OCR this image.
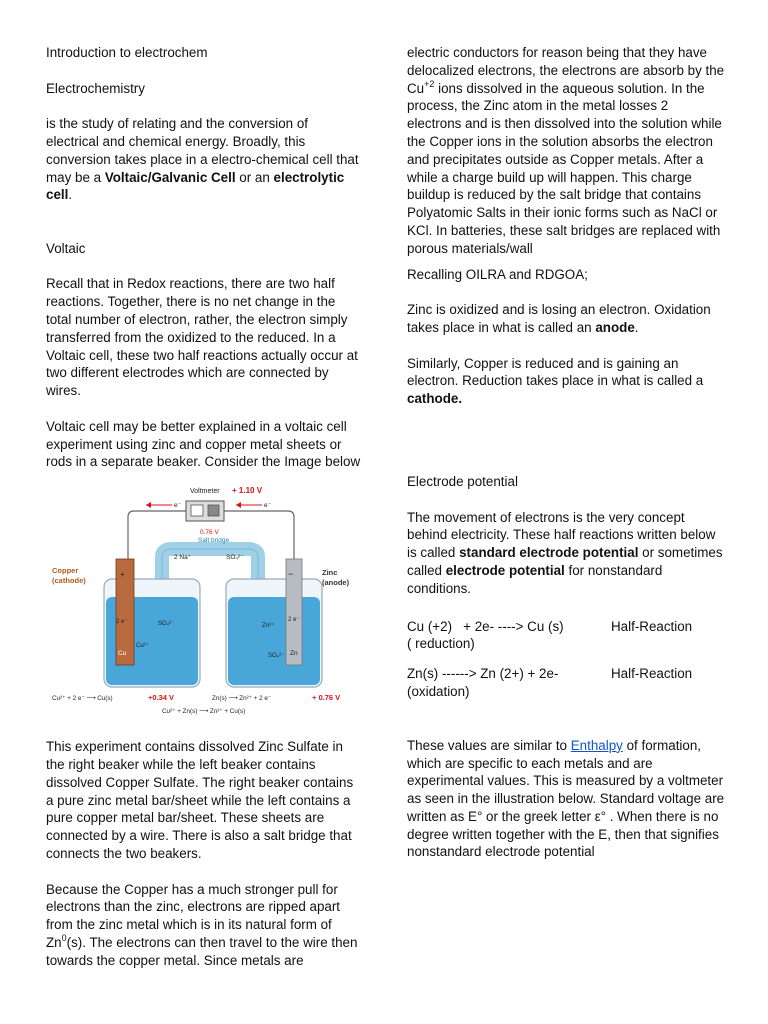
Introduction to electrochem

Electrochemistry

is the study of relating and the conversion of electrical and chemical energy. Broadly, this conversion takes place in a electro-chemical cell that may be a Voltaic/Galvanic Cell or an electrolytic cell.

Voltaic

Recall that in Redox reactions, there are two half reactions. Together, there is no net change in the total number of electron, rather, the electron simply transferred from the oxidized to the reduced. In a Voltaic cell, these two half reactions actually occur at two different electrodes which are connected by wires.

Voltaic cell may be better explained in a voltaic cell experiment using zinc and copper metal sheets or rods in a separate beaker. Consider the Image below

Voltmeter + 1.10 V
0.76 V
e⁻	e⁻
Salt bridge
2 Na⁺	SO₄²⁻
+
Cu
2 e⁻
Cu²⁺
SO₄²⁻
−
Zn
Zn²⁺
2 e⁻
SO₄²⁻
Copper
(cathode)
Zinc
(anode)
Cu²⁺ + 2 e⁻ ⟶ Cu(s)	+0.34 V	Zn(s) ⟶ Zn²⁺ + 2 e⁻	+ 0.76 V
Cu²⁺ + Zn(s) ⟶ Zn²⁺ + Cu(s)

This experiment contains dissolved Zinc Sulfate in the right beaker while the left beaker contains dissolved Copper Sulfate. The right beaker contains a pure zinc metal bar/sheet while the left contains a pure copper metal bar/sheet. These sheets are connected by a wire. There is also a salt bridge that connects the two beakers.

Because the Copper has a much stronger pull for electrons than the zinc, electrons are ripped apart from the zinc metal which is in its natural form of Zn$^0$(s). The electrons can then travel to the wire then towards the copper metal. Since metals are

electric conductors for reason being that they have delocalized electrons, the electrons are absorb by the $Cu^{+2}$ ions dissolved in the aqueous solution. In the process, the Zinc atom in the metal losses 2 electrons and is then dissolved into the solution while the Copper ions in the solution absorbs the electron and precipitates outside as Copper metals. After a while a charge build up will happen. This charge buildup is reduced by the salt bridge that contains Polyatomic Salts in their ionic forms such as NaCl or KCl. In batteries, these salt bridges are replaced with porous materials/wall

Recalling OILRA and RDGOA;

Zinc is oxidized and is losing an electron. Oxidation takes place in what is called an anode.

Similarly, Copper is reduced and is gaining an electron. Reduction takes place in what is called a cathode.

Electrode potential

The movement of electrons is the very concept behind electricity. These half reactions written below is called standard electrode potential or sometimes called electrode potential for nonstandard conditions.

Cu (+2)   + 2e- ----> Cu (s)	Half-Reaction

( reduction)

Zn(s) ------> Zn (2+) + 2e-	Half-Reaction

(oxidation)

These values are similar to Enthalpy of formation, which are specific to each metals and are experimental values. This is measured by a voltmeter as seen in the illustration below. Standard voltage are written as E° or the greek letter ε° . When there is no degree written together with the E, then that signifies nonstandard electrode potential
